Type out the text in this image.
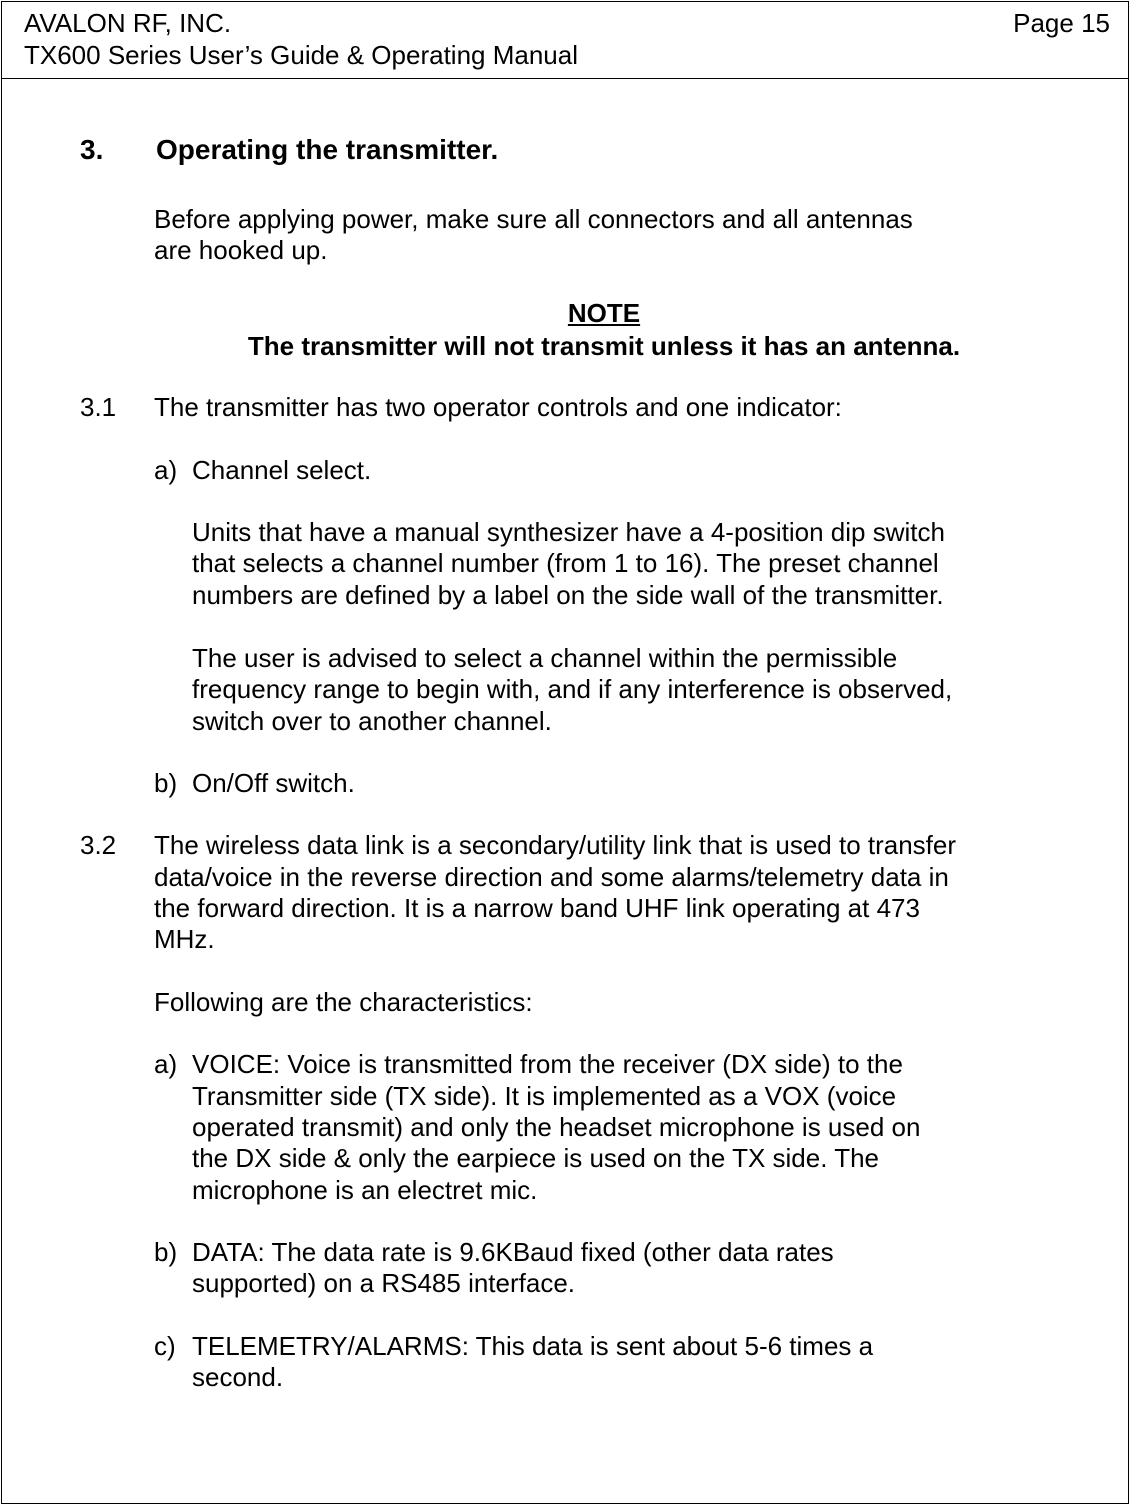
AVALON RF, INC.
TX600 Series User’s Guide & Operating Manual
Page 15
3. Operating the transmitter.
Before applying power, make sure all connectors and all antennas
are hooked up.
NOTE
The transmitter will not transmit unless it has an antenna.
3.1 The transmitter has two operator controls and one indicator:
a) Channel select.
Units that have a manual synthesizer have a 4-position dip switch
that selects a channel number (from 1 to 16). The preset channel
numbers are defined by a label on the side wall of the transmitter.
The user is advised to select a channel within the permissible
frequency range to begin with, and if any interference is observed,
switch over to another channel.
b) On/Off switch.
3.2 The wireless data link is a secondary/utility link that is used to transfer
data/voice in the reverse direction and some alarms/telemetry data in
the forward direction. It is a narrow band UHF link operating at 473
MHz.
Following are the characteristics:
a) VOICE: Voice is transmitted from the receiver (DX side) to the
Transmitter side (TX side). It is implemented as a VOX (voice
operated transmit) and only the headset microphone is used on
the DX side & only the earpiece is used on the TX side. The
microphone is an electret mic.
b) DATA: The data rate is 9.6KBaud fixed (other data rates
supported) on a RS485 interface.
c) TELEMETRY/ALARMS: This data is sent about 5-6 times a
second.
